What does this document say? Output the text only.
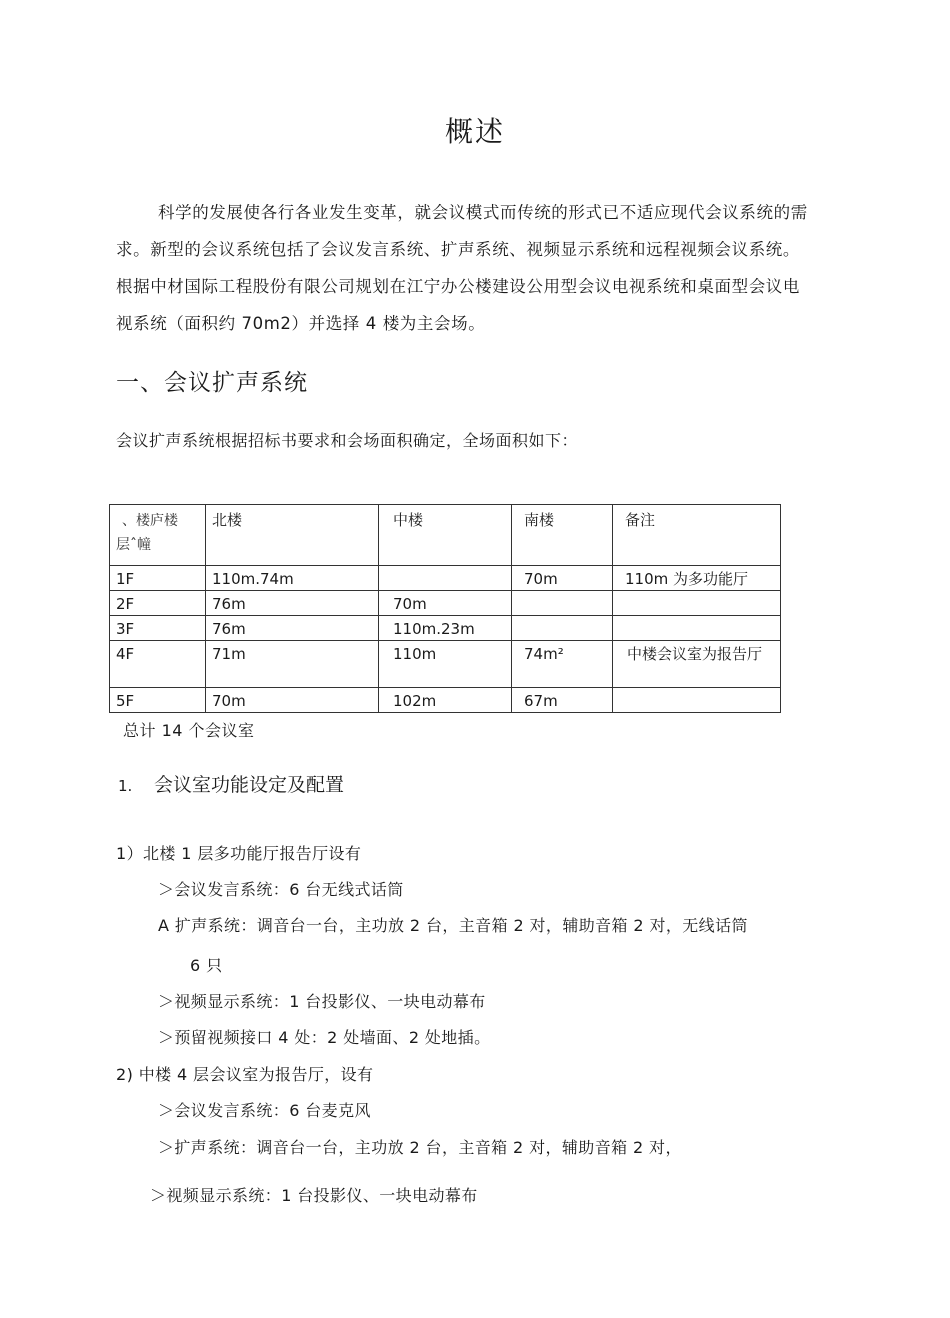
概述
科学的发展使各行各业发生变革，就会议模式而传统的形式已不适应现代会议系统的需
求。新型的会议系统包括了会议发言系统、扩声系统、视频显示系统和远程视频会议系统。
根据中材国际工程股份有限公司规划在江宁办公楼建设公用型会议电视系统和桌面型会议电
视系统（面积约 70m2）并选择 4 楼为主会场。
一、会议扩声系统
会议扩声系统根据招标书要求和会场面积确定，全场面积如下：
、楼庐楼
层ˆ幢	北楼	中楼	南楼	备注
1F	110m.74m		70m	110m 为多功能厅
2F	76m	70m		
3F	76m	110m.23m		
4F	71m	110m	74m²	中楼会议室为报告厅
5F	70m	102m	67m	
总计 14 个会议室
1. 会议室功能设定及配置
1）北楼 1 层多功能厅报告厅设有
＞会议发言系统：6 台无线式话筒
A 扩声系统：调音台一台，主功放 2 台，主音箱 2 对，辅助音箱 2 对，无线话筒
6 只
＞视频显示系统：1 台投影仪、一块电动幕布
＞预留视频接口 4 处：2 处墙面、2 处地插。
2) 中楼 4 层会议室为报告厅，设有
＞会议发言系统：6 台麦克风
＞扩声系统：调音台一台，主功放 2 台，主音箱 2 对，辅助音箱 2 对，
＞视频显示系统：1 台投影仪、一块电动幕布
